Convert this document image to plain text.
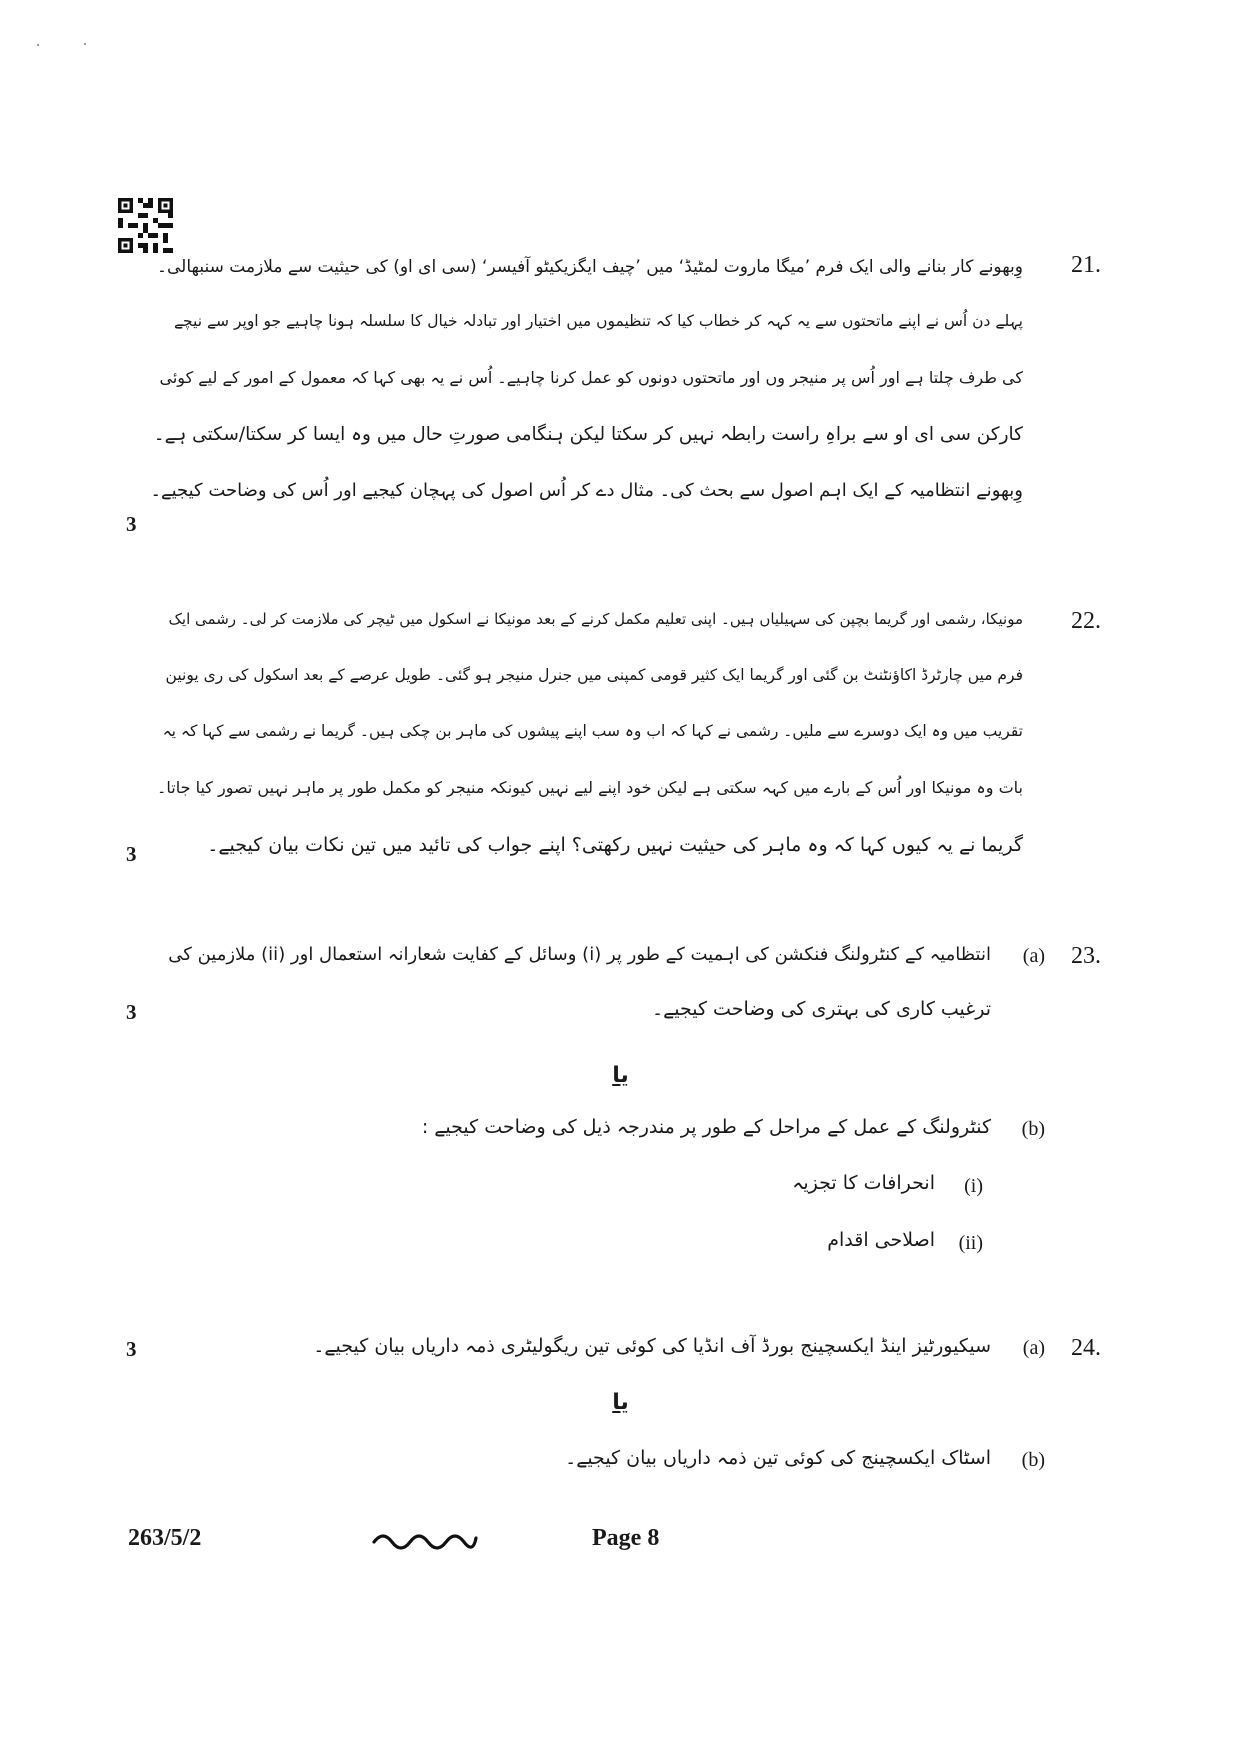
21.
3
وِبھونے کار بنانے والی ایک فرم ’میگا ماروت لمٹیڈ‘ میں ’چیف ایگزیکیٹو آفیسر‘ (سی ای او) کی حیثیت سے ملازمت سنبھالی۔
پہلے دن اُس نے اپنے ماتحتوں سے یہ کہہ کر خطاب کیا کہ تنظیموں میں اختیار اور تبادلہ خیال کا سلسلہ ہونا چاہیے جو اوپر سے نیچے
کی طرف چلتا ہے اور اُس پر منیجر وں اور ماتحتوں دونوں کو عمل کرنا چاہیے۔ اُس نے یہ بھی کہا کہ معمول کے امور کے لیے کوئی
کارکن سی ای او سے براہِ راست رابطہ نہیں کر سکتا لیکن ہنگامی صورتِ حال میں وہ ایسا کر سکتا/سکتی ہے۔
وِبھونے انتظامیہ کے ایک اہم اصول سے بحث کی۔ مثال دے کر اُس اصول کی پہچان کیجیے اور اُس کی وضاحت کیجیے۔
22.
3
مونیکا، رشمی اور گریما بچپن کی سہیلیاں ہیں۔ اپنی تعلیم مکمل کرنے کے بعد مونیکا نے اسکول میں ٹیچر کی ملازمت کر لی۔ رشمی ایک
فرم میں چارٹرڈ اکاؤنٹنٹ بن گئی اور گریما ایک کثیر قومی کمپنی میں جنرل منیجر ہو گئی۔ طویل عرصے کے بعد اسکول کی ری یونین
تقریب میں وہ ایک دوسرے سے ملیں۔ رشمی نے کہا کہ اب وہ سب اپنے پیشوں کی ماہر بن چکی ہیں۔ گریما نے رشمی سے کہا کہ یہ
بات وہ مونیکا اور اُس کے بارے میں کہہ سکتی ہے لیکن خود اپنے لیے نہیں کیونکہ منیجر کو مکمل طور پر ماہر نہیں تصور کیا جاتا۔
گریما نے یہ کیوں کہا کہ وہ ماہر کی حیثیت نہیں رکھتی؟ اپنے جواب کی تائید میں تین نکات بیان کیجیے۔
23.
(a)
انتظامیہ کے کنٹرولنگ فنکشن کی اہمیت کے طور پر (i) وسائل کے کفایت شعارانہ استعمال اور (ii) ملازمین کی
ترغیب کاری کی بہتری کی وضاحت کیجیے۔
3
یا
(b)
کنٹرولنگ کے عمل کے مراحل کے طور پر مندرجہ ذیل کی وضاحت کیجیے :
(i)
انحرافات کا تجزیہ
(ii)
اصلاحی اقدام
24.
(a)
سیکیورٹیز اینڈ ایکسچینج بورڈ آف انڈیا کی کوئی تین ریگولیٹری ذمہ داریاں بیان کیجیے۔
3
یا
(b)
اسٹاک ایکسچینج کی کوئی تین ذمہ داریاں بیان کیجیے۔
263/5/2	Page 8
